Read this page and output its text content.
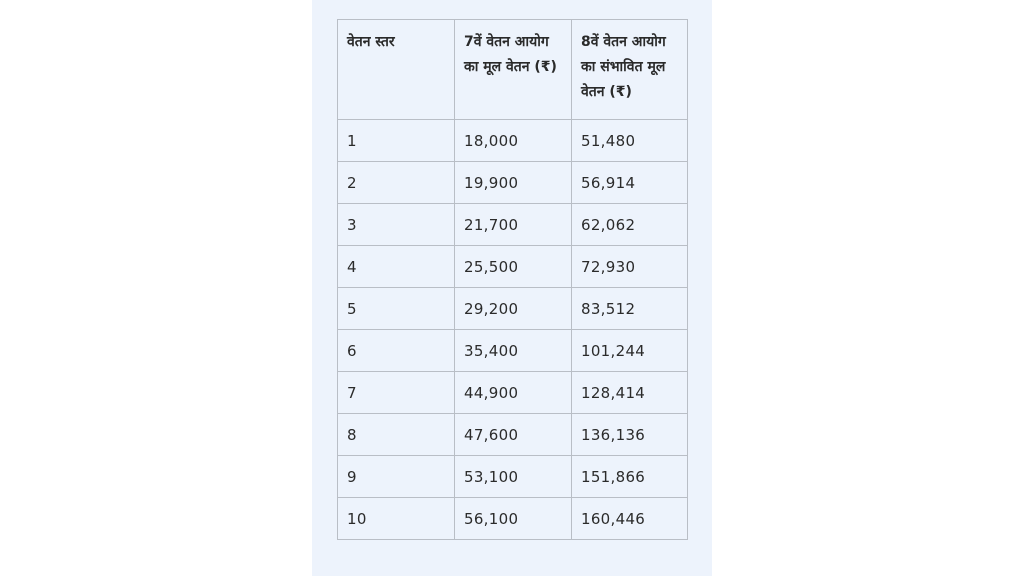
वेतन स्तर	7वें वेतन आयोग का मूल वेतन (₹)	8वें वेतन आयोग का संभावित मूल वेतन (₹)
1	18,000	51,480
2	19,900	56,914
3	21,700	62,062
4	25,500	72,930
5	29,200	83,512
6	35,400	101,244
7	44,900	128,414
8	47,600	136,136
9	53,100	151,866
10	56,100	160,446
